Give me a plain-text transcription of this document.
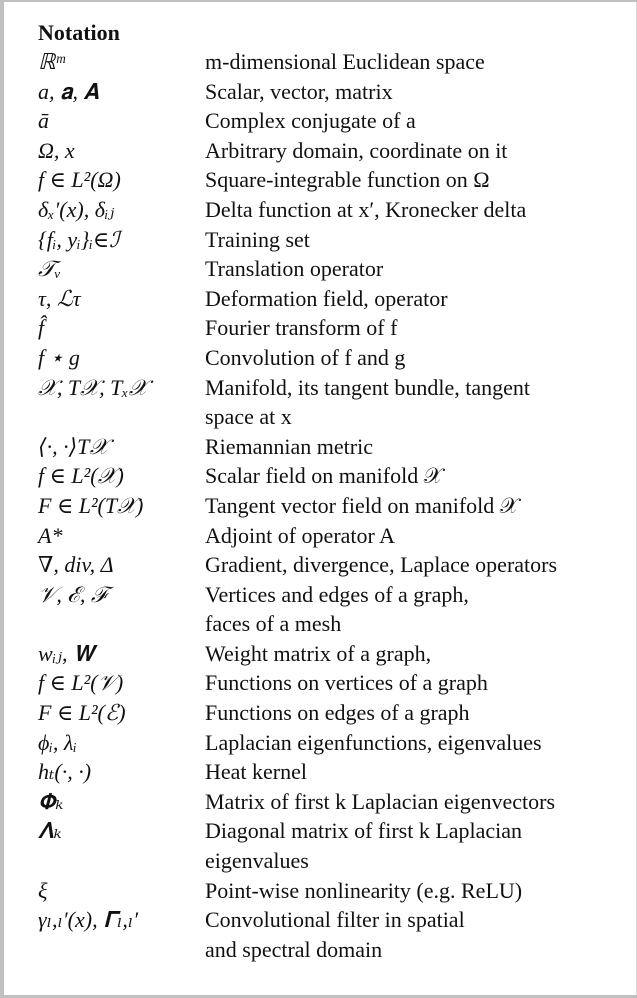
Notation
ℝᵐ	m-dimensional Euclidean space
a, 𝐚, 𝐀	Scalar, vector, matrix
ā	Complex conjugate of a
Ω, x	Arbitrary domain, coordinate on it
f ∈ L²(Ω)	Square-integrable function on Ω
δₓ′(x), δᵢⱼ	Delta function at x′, Kronecker delta
{fᵢ, yᵢ}ᵢ∈ℐ	Training set
𝒯ᵥ	Translation operator
τ, ℒτ	Deformation field, operator
f̂	Fourier transform of f
f ⋆ g	Convolution of f and g
𝒳, T𝒳, Tₓ𝒳	Manifold, its tangent bundle, tangent
space at x
⟨·, ·⟩T𝒳	Riemannian metric
f ∈ L²(𝒳)	Scalar field on manifold 𝒳
F ∈ L²(T𝒳)	Tangent vector field on manifold 𝒳
A*	Adjoint of operator A
∇, div, Δ	Gradient, divergence, Laplace operators
𝒱, ℰ, ℱ	Vertices and edges of a graph,
faces of a mesh
wᵢⱼ, 𝐖	Weight matrix of a graph,
f ∈ L²(𝒱)	Functions on vertices of a graph
F ∈ L²(ℰ)	Functions on edges of a graph
ϕᵢ, λᵢ	Laplacian eigenfunctions, eigenvalues
hₜ(·, ·)	Heat kernel
𝚽ₖ	Matrix of first k Laplacian eigenvectors
𝚲ₖ	Diagonal matrix of first k Laplacian
eigenvalues
ξ	Point-wise nonlinearity (e.g. ReLU)
γₗ,ₗ′(x), 𝚪ₗ,ₗ′	Convolutional filter in spatial
and spectral domain
